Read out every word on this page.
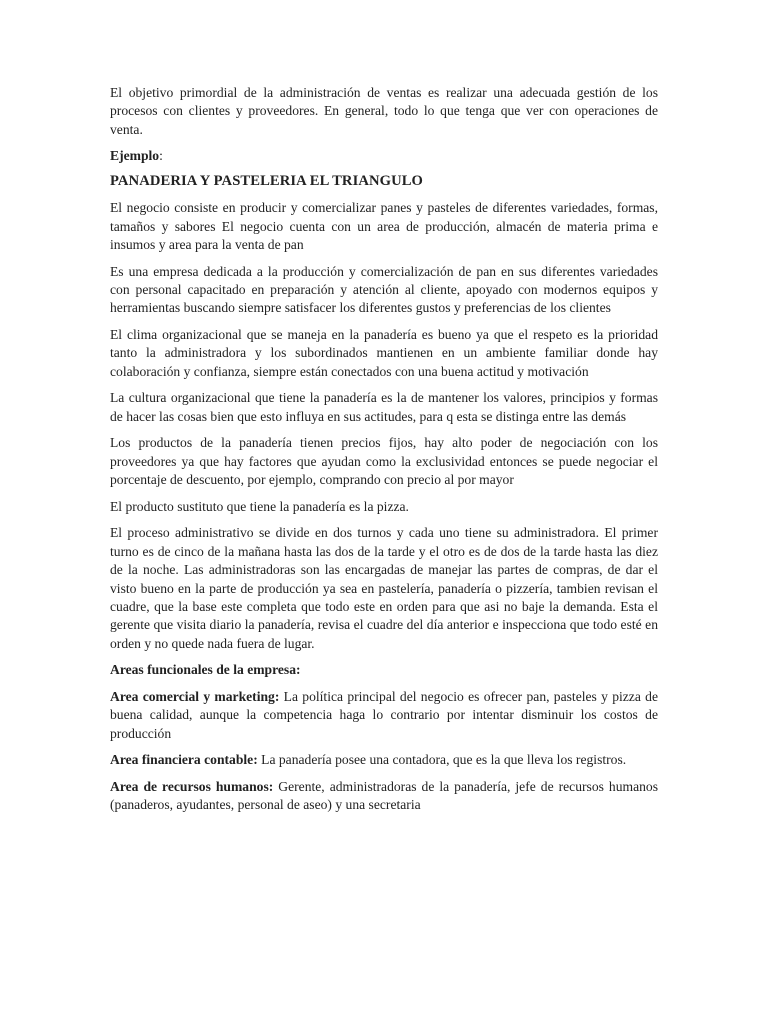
El objetivo primordial de la administración de ventas es realizar una adecuada gestión de los procesos con clientes y proveedores. En general, todo lo que tenga que ver con operaciones de venta.

Ejemplo:

PANADERIA Y PASTELERIA EL TRIANGULO

El negocio consiste en producir y comercializar panes y pasteles de diferentes variedades, formas, tamaños y sabores El negocio cuenta con un area de producción, almacén de materia prima e insumos y area para la venta de pan

Es una empresa dedicada a la producción y comercialización de pan en sus diferentes variedades con personal capacitado en preparación y atención al cliente, apoyado con modernos equipos y herramientas buscando siempre satisfacer los diferentes gustos y preferencias de los clientes

El clima organizacional que se maneja en la panadería es bueno ya que el respeto es la prioridad tanto la administradora y los subordinados mantienen en un ambiente familiar donde hay colaboración y confianza, siempre están conectados con una buena actitud y motivación

La cultura organizacional que tiene la panadería es la de mantener los valores, principios y formas de hacer las cosas bien que esto influya en sus actitudes, para q esta se distinga entre las demás

Los productos de la panadería tienen precios fijos, hay alto poder de negociación con los proveedores ya que hay factores que ayudan como la exclusividad entonces se puede negociar el porcentaje de descuento, por ejemplo, comprando con precio al por mayor

El producto sustituto que tiene la panadería es la pizza.

El proceso administrativo se divide en dos turnos y cada uno tiene su administradora. El primer turno es de cinco de la mañana hasta las dos de la tarde y el otro es de dos de la tarde hasta las diez de la noche. Las administradoras son las encargadas de manejar las partes de compras, de dar el visto bueno en la parte de producción ya sea en pastelería, panadería o pizzería, tambien revisan el cuadre, que la base este completa que todo este en orden para que asi no baje la demanda. Esta el gerente que visita diario la panadería, revisa el cuadre del día anterior e inspecciona que todo esté en orden y no quede nada fuera de lugar.

Areas funcionales de la empresa:

Area comercial y marketing: La política principal del negocio es ofrecer pan, pasteles y pizza de buena calidad, aunque la competencia haga lo contrario por intentar disminuir los costos de producción

Area financiera contable: La panadería posee una contadora, que es la que lleva los registros.

Area de recursos humanos: Gerente, administradoras de la panadería, jefe de recursos humanos (panaderos, ayudantes, personal de aseo) y una secretaria
